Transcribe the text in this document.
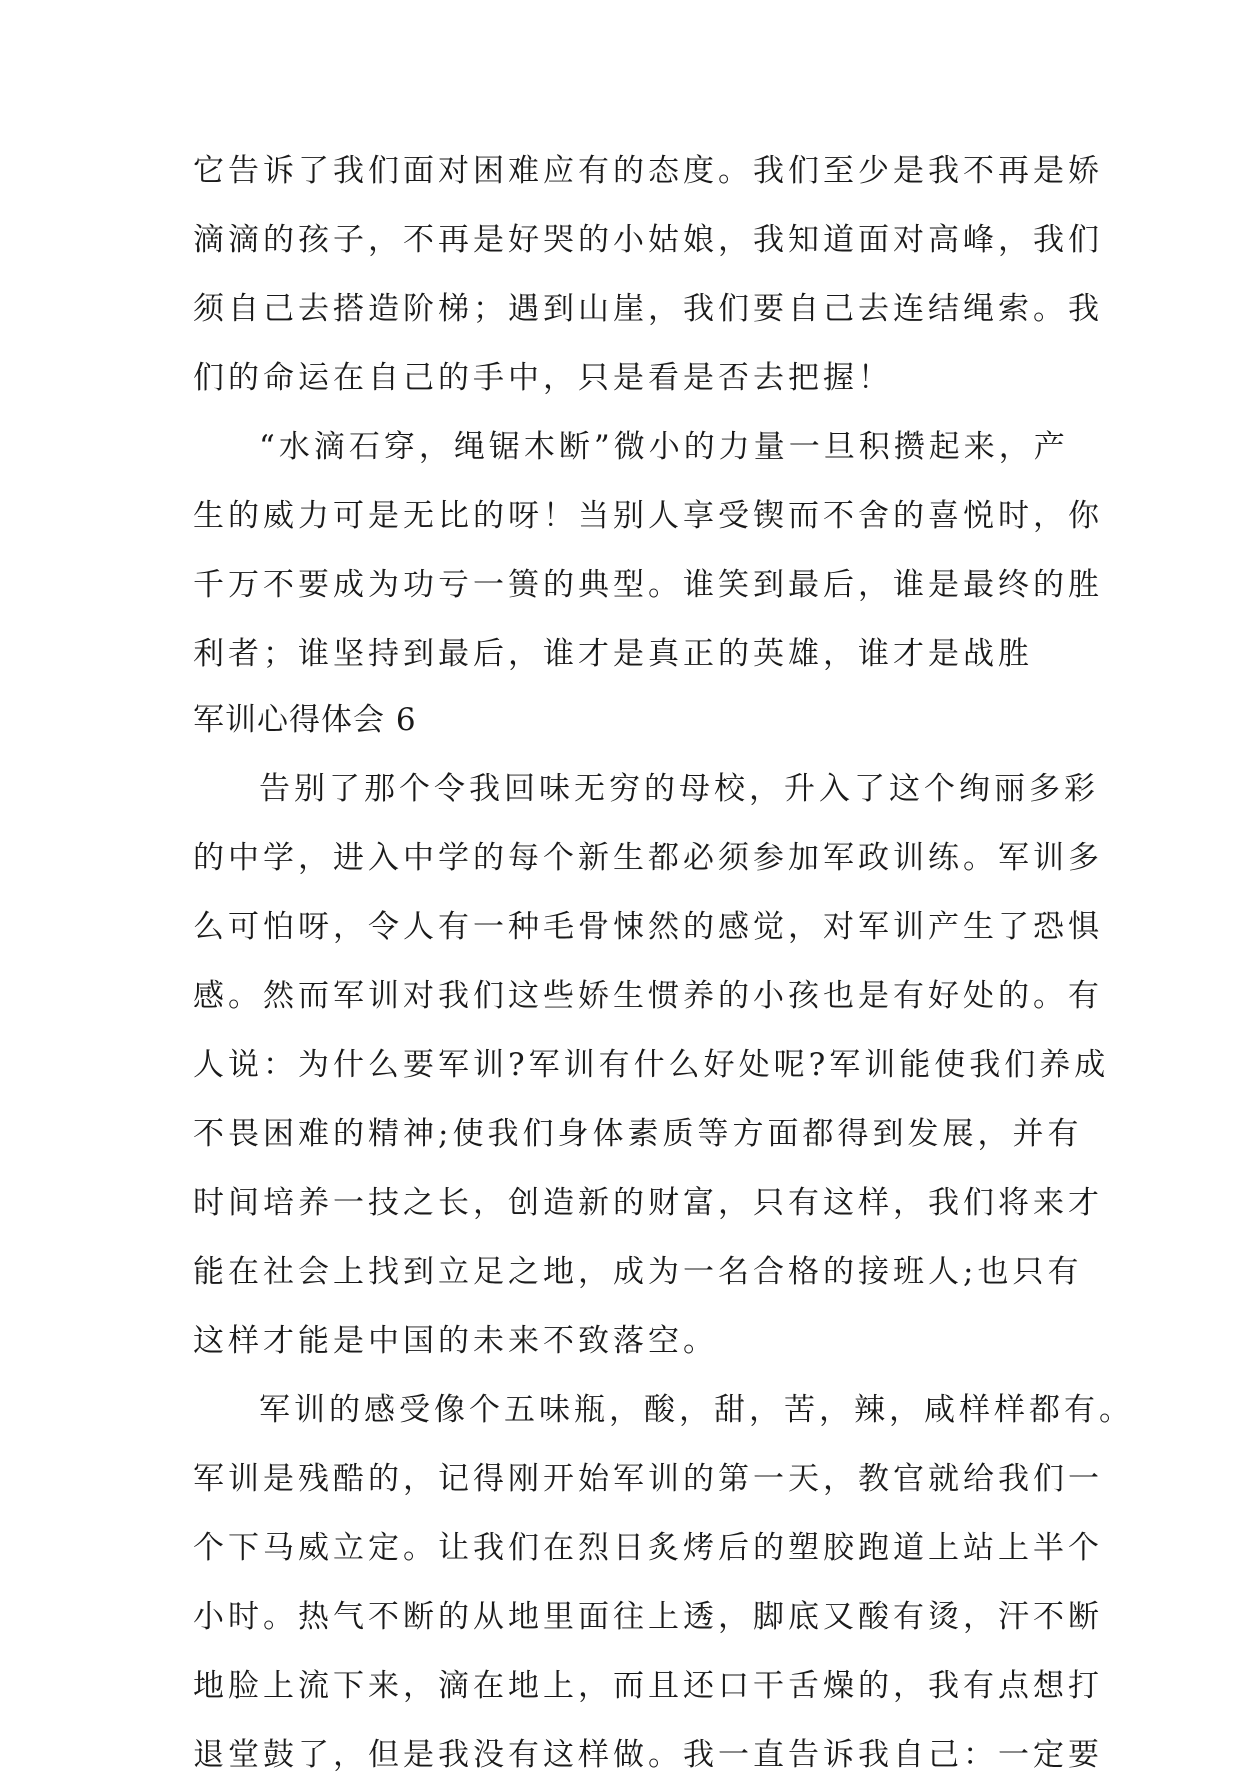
它告诉了我们面对困难应有的态度。我们至少是我不再是娇
滴滴的孩子，不再是好哭的小姑娘，我知道面对高峰，我们
须自己去搭造阶梯；遇到山崖，我们要自己去连结绳索。我
们的命运在自己的手中，只是看是否去把握！
“水滴石穿，绳锯木断”微小的力量一旦积攒起来，产
生的威力可是无比的呀！当别人享受锲而不舍的喜悦时，你
千万不要成为功亏一篑的典型。谁笑到最后，谁是最终的胜
利者；谁坚持到最后，谁才是真正的英雄，谁才是战胜
军训心得体会 6
告别了那个令我回味无穷的母校，升入了这个绚丽多彩
的中学，进入中学的每个新生都必须参加军政训练。军训多
么可怕呀，令人有一种毛骨悚然的感觉，对军训产生了恐惧
感。然而军训对我们这些娇生惯养的小孩也是有好处的。有
人说：为什么要军训?军训有什么好处呢?军训能使我们养成
不畏困难的精神;使我们身体素质等方面都得到发展，并有
时间培养一技之长，创造新的财富，只有这样，我们将来才
能在社会上找到立足之地，成为一名合格的接班人;也只有
这样才能是中国的未来不致落空。
军训的感受像个五味瓶，酸，甜，苦，辣，咸样样都有。
军训是残酷的，记得刚开始军训的第一天，教官就给我们一
个下马威立定。让我们在烈日炙烤后的塑胶跑道上站上半个
小时。热气不断的从地里面往上透，脚底又酸有烫，汗不断
地脸上流下来，滴在地上，而且还口干舌燥的，我有点想打
退堂鼓了，但是我没有这样做。我一直告诉我自己：一定要
